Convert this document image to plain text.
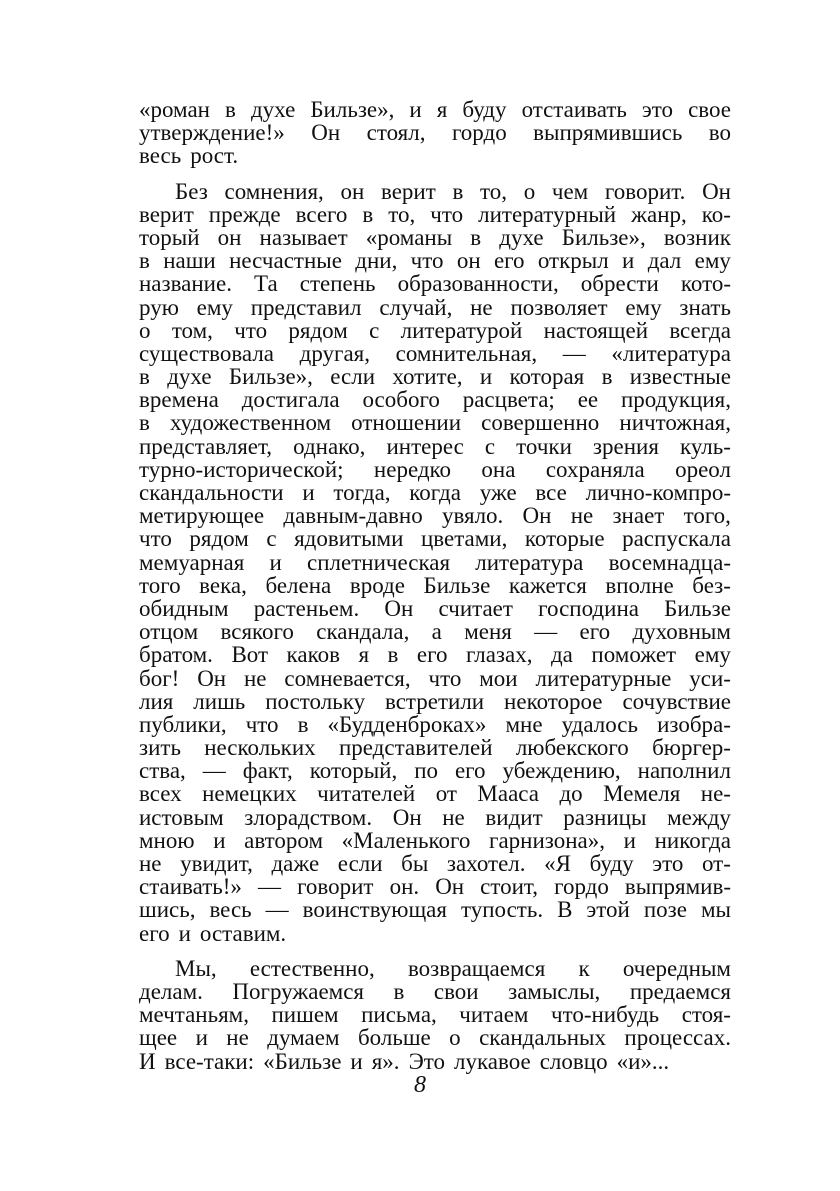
«роман в духе Бильзе», и я буду отстаивать это свое
утверждение!» Он стоял, гордо выпрямившись во
весь рост.
Без сомнения, он верит в то, о чем говорит. Он
верит прежде всего в то, что литературный жанр, ко-
торый он называет «романы в духе Бильзе», возник
в наши несчастные дни, что он его открыл и дал ему
название. Та степень образованности, обрести кото-
рую ему представил случай, не позволяет ему знать
о том, что рядом с литературой настоящей всегда
существовала другая, сомнительная, — «литература
в духе Бильзе», если хотите, и которая в известные
времена достигала особого расцвета; ее продукция,
в художественном отношении совершенно ничтожная,
представляет, однако, интерес с точки зрения куль-
турно-исторической; нередко она сохраняла ореол
скандальности и тогда, когда уже все лично-компро-
метирующее давным-давно увяло. Он не знает того,
что рядом с ядовитыми цветами, которые распускала
мемуарная и сплетническая литература восемнадца-
того века, белена вроде Бильзе кажется вполне без-
обидным растеньем. Он считает господина Бильзе
отцом всякого скандала, а меня — его духовным
братом. Вот каков я в его глазах, да поможет ему
бог! Он не сомневается, что мои литературные уси-
лия лишь постольку встретили некоторое сочувствие
публики, что в «Будденброках» мне удалось изобра-
зить нескольких представителей любекского бюргер-
ства, — факт, который, по его убеждению, наполнил
всех немецких читателей от Мааса до Мемеля не-
истовым злорадством. Он не видит разницы между
мною и автором «Маленького гарнизона», и никогда
не увидит, даже если бы захотел. «Я буду это от-
стаивать!» — говорит он. Он стоит, гордо выпрямив-
шись, весь — воинствующая тупость. В этой позе мы
его и оставим.
Мы, естественно, возвращаемся к очередным
делам. Погружаемся в свои замыслы, предаемся
мечтаньям, пишем письма, читаем что-нибудь стоя-
щее и не думаем больше о скандальных процессах.
И все-таки: «Бильзе и я». Это лукавое словцо «и»...
8
